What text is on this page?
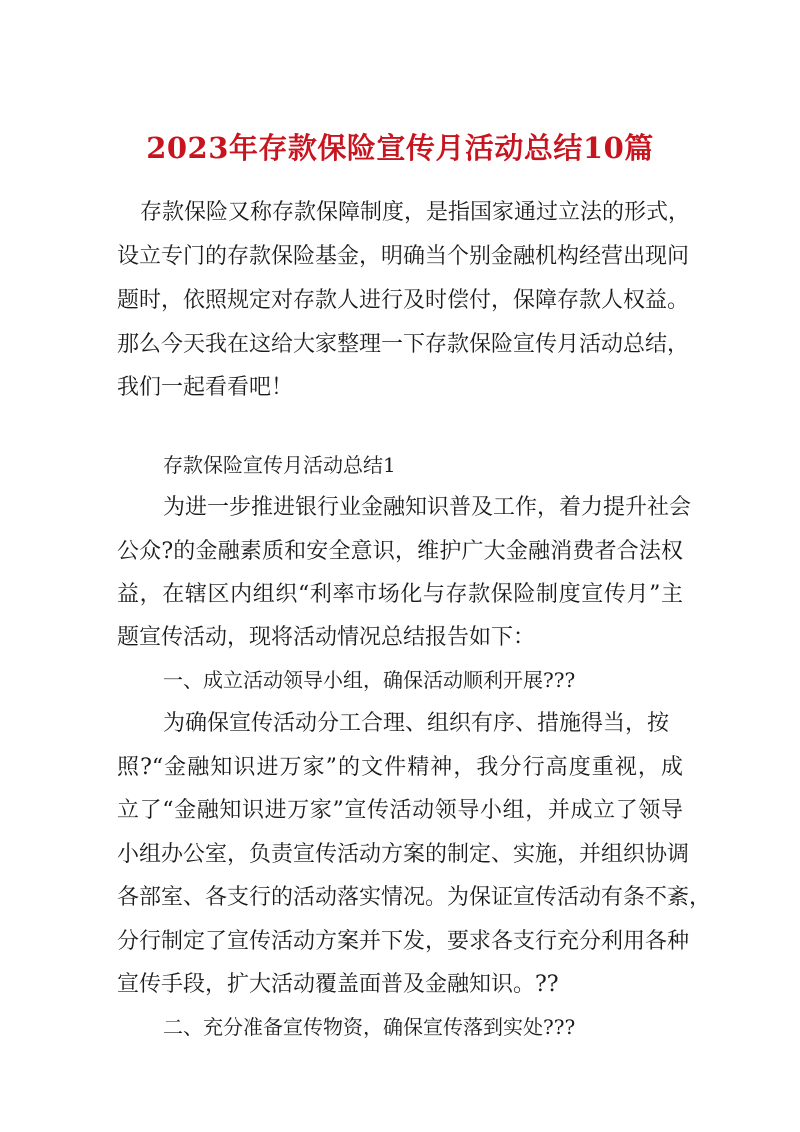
2023年存款保险宣传月活动总结10篇
存款保险又称存款保障制度，是指国家通过立法的形式，
设立专门的存款保险基金，明确当个别金融机构经营出现问
题时，依照规定对存款人进行及时偿付，保障存款人权益。
那么今天我在这给大家整理一下存款保险宣传月活动总结，
我们一起看看吧！
存款保险宣传月活动总结1
为进一步推进银行业金融知识普及工作，着力提升社会
公众?的金融素质和安全意识，维护广大金融消费者合法权
益，在辖区内组织“利率市场化与存款保险制度宣传月”主
题宣传活动，现将活动情况总结报告如下：
一、成立活动领导小组，确保活动顺利开展???
为确保宣传活动分工合理、组织有序、措施得当，按
照?“金融知识进万家”的文件精神，我分行高度重视，成
立了“金融知识进万家”宣传活动领导小组，并成立了领导
小组办公室，负责宣传活动方案的制定、实施，并组织协调
各部室、各支行的活动落实情况。为保证宣传活动有条不紊，
分行制定了宣传活动方案并下发，要求各支行充分利用各种
宣传手段，扩大活动覆盖面普及金融知识。??
二、充分准备宣传物资，确保宣传落到实处???
